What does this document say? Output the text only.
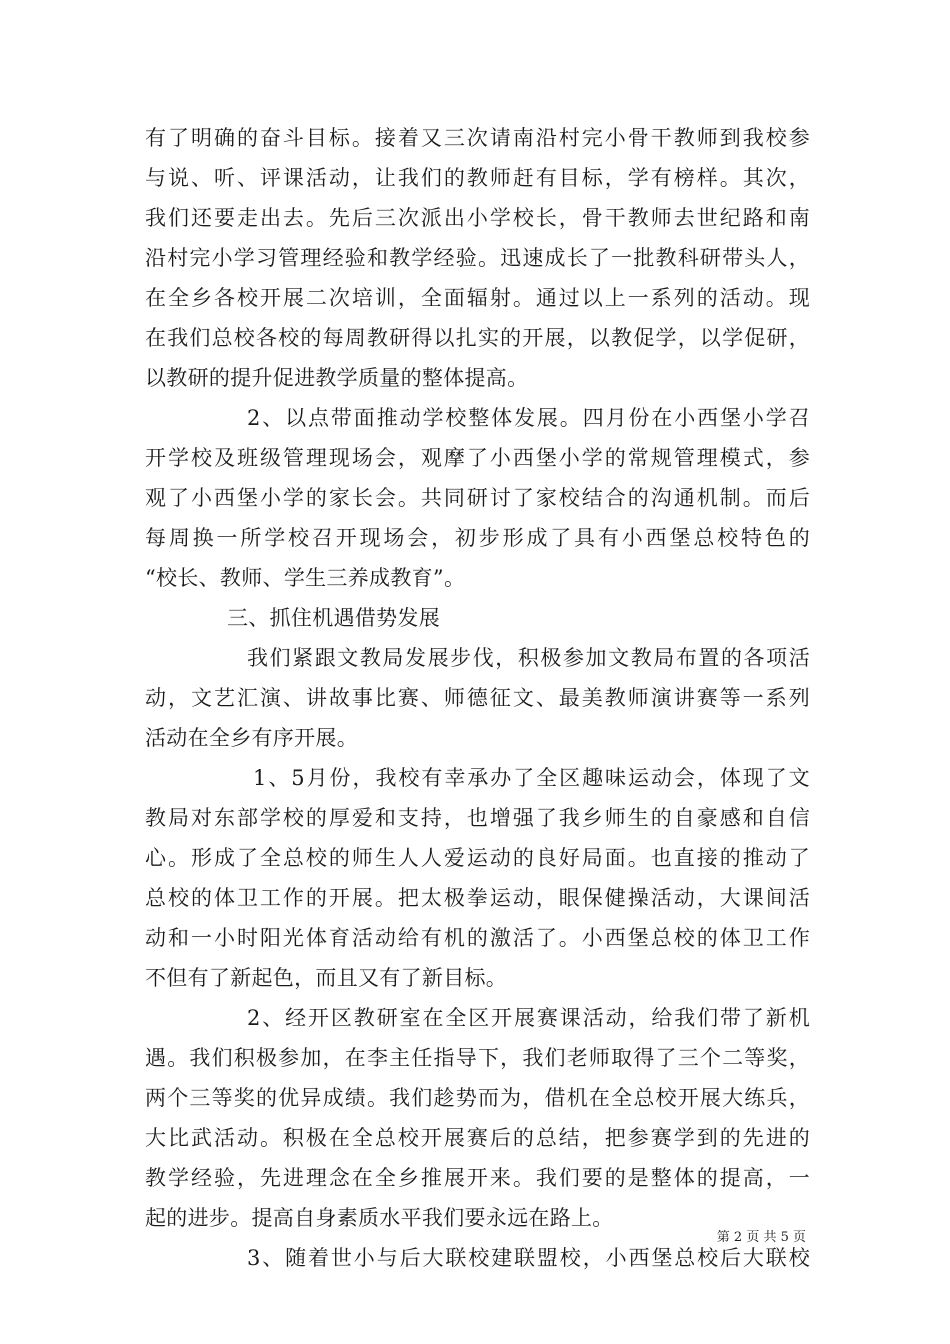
有了明确的奋斗目标。接着又三次请南沿村完小骨干教师到我校参
与说、听、评课活动，让我们的教师赶有目标，学有榜样。其次，
我们还要走出去。先后三次派出小学校长，骨干教师去世纪路和南
沿村完小学习管理经验和教学经验。迅速成长了一批教科研带头人，
在全乡各校开展二次培训，全面辐射。通过以上一系列的活动。现
在我们总校各校的每周教研得以扎实的开展，以教促学，以学促研，
以教研的提升促进教学质量的整体提高。
2、以点带面推动学校整体发展。四月份在小西堡小学召
开学校及班级管理现场会，观摩了小西堡小学的常规管理模式，参
观了小西堡小学的家长会。共同研讨了家校结合的沟通机制。而后
每周换一所学校召开现场会，初步形成了具有小西堡总校特色的
“校长、教师、学生三养成教育”。
三、抓住机遇借势发展
我们紧跟文教局发展步伐，积极参加文教局布置的各项活
动，文艺汇演、讲故事比赛、师德征文、最美教师演讲赛等一系列
活动在全乡有序开展。
1、5月份，我校有幸承办了全区趣味运动会，体现了文
教局对东部学校的厚爱和支持，也增强了我乡师生的自豪感和自信
心。形成了全总校的师生人人爱运动的良好局面。也直接的推动了
总校的体卫工作的开展。把太极拳运动，眼保健操活动，大课间活
动和一小时阳光体育活动给有机的激活了。小西堡总校的体卫工作
不但有了新起色，而且又有了新目标。
2、经开区教研室在全区开展赛课活动，给我们带了新机
遇。我们积极参加，在李主任指导下，我们老师取得了三个二等奖，
两个三等奖的优异成绩。我们趁势而为，借机在全总校开展大练兵，
大比武活动。积极在全总校开展赛后的总结，把参赛学到的先进的
教学经验，先进理念在全乡推展开来。我们要的是整体的提高，一
起的进步。提高自身素质水平我们要永远在路上。
3、随着世小与后大联校建联盟校，小西堡总校后大联校
第 2 页 共 5 页
